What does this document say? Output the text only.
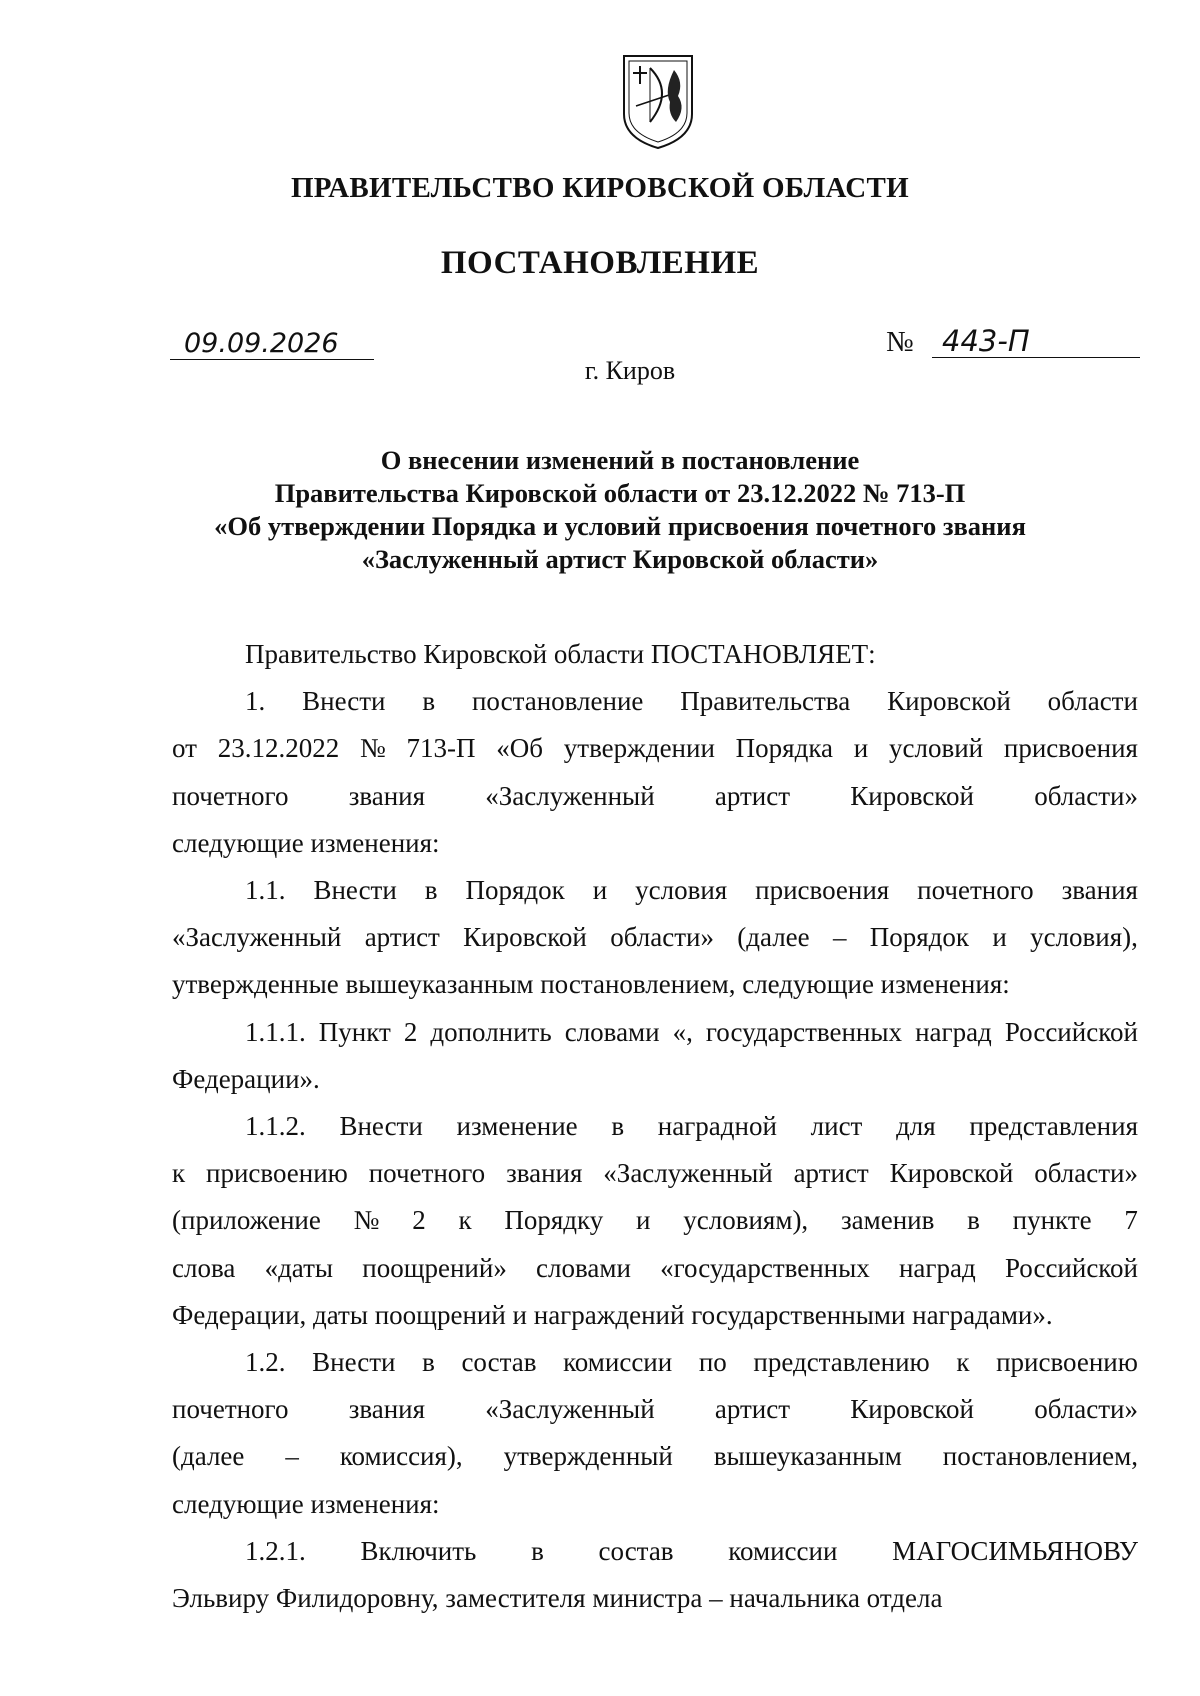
ПРАВИТЕЛЬСТВО КИРОВСКОЙ ОБЛАСТИ
ПОСТАНОВЛЕНИЕ
09.09.2026	№ 443-П
г. Киров
О внесении изменений в постановление
Правительства Кировской области от 23.12.2022 № 713-П
«Об утверждении Порядка и условий присвоения почетного звания
«Заслуженный артист Кировской области»

Правительство Кировской области ПОСТАНОВЛЯЕТ:

1. Внести в постановление Правительства Кировской области
от 23.12.2022 № 713-П «Об утверждении Порядка и условий присвоения
почетного звания «Заслуженный артист Кировской области»
следующие изменения:
1.1. Внести в Порядок и условия присвоения почетного звания
«Заслуженный артист Кировской области» (далее – Порядок и условия),
утвержденные вышеуказанным постановлением, следующие изменения:
1.1.1. Пункт 2 дополнить словами «, государственных наград Российской
Федерации».
1.1.2. Внести изменение в наградной лист для представления
к присвоению почетного звания «Заслуженный артист Кировской области»
(приложение № 2 к Порядку и условиям), заменив в пункте 7
слова «даты поощрений» словами «государственных наград Российской
Федерации, даты поощрений и награждений государственными наградами».
1.2. Внести в состав комиссии по представлению к присвоению
почетного звания «Заслуженный артист Кировской области»
(далее – комиссия), утвержденный вышеуказанным постановлением,
следующие изменения:
1.2.1. Включить в состав комиссии МАГОСИМЬЯНОВУ
Эльвиру Филидоровну, заместителя министра – начальника отдела
